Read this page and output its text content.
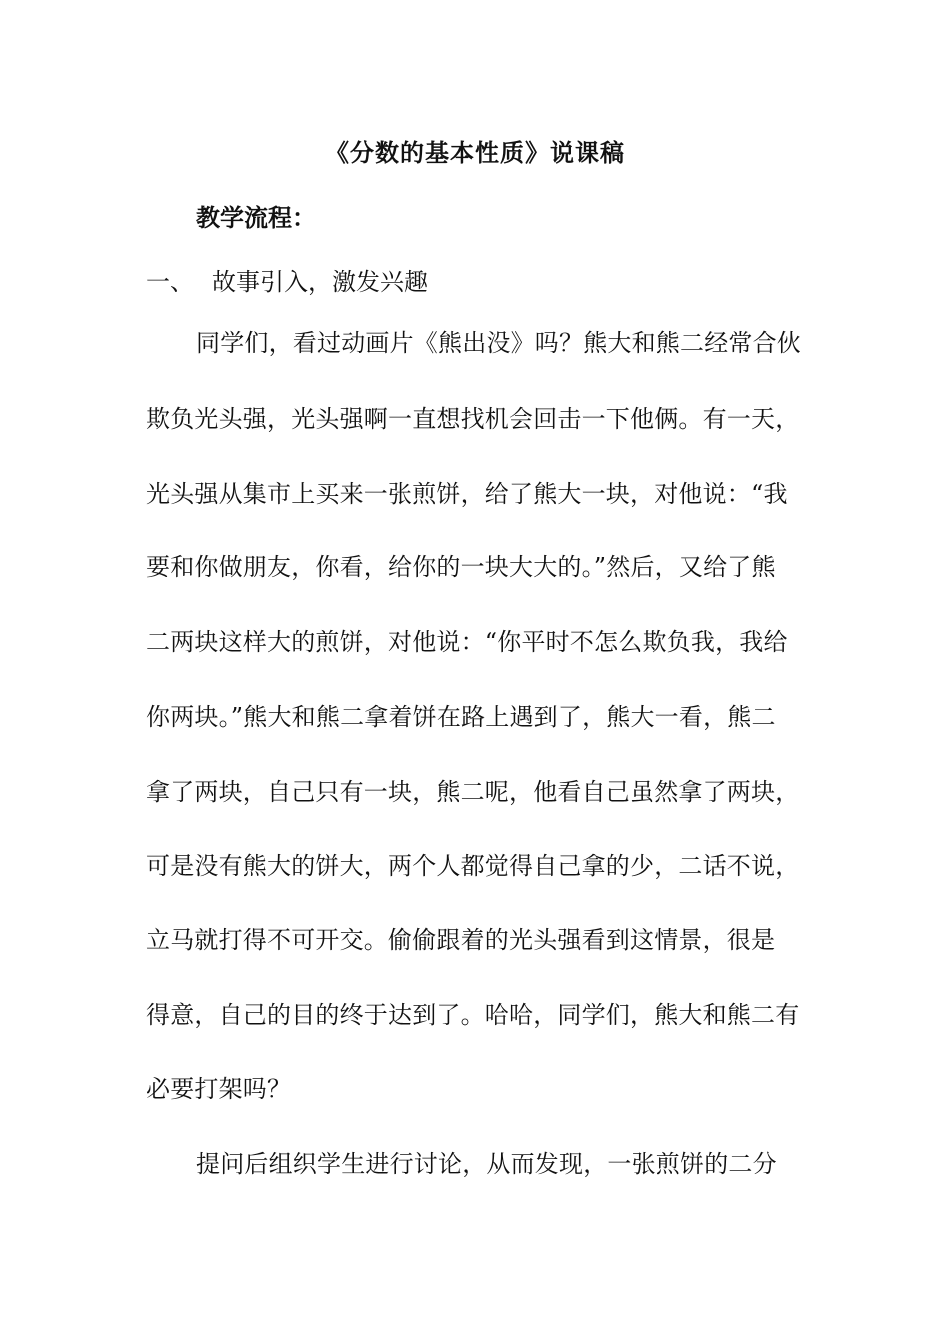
《分数的基本性质》说课稿
教学流程：
一、 故事引入，激发兴趣
同学们，看过动画片《熊出没》吗？熊大和熊二经常合伙
欺负光头强，光头强啊一直想找机会回击一下他俩。有一天，
光头强从集市上买来一张煎饼，给了熊大一块，对他说：“我
要和你做朋友，你看，给你的一块大大的。”然后，又给了熊
二两块这样大的煎饼，对他说：“你平时不怎么欺负我，我给
你两块。”熊大和熊二拿着饼在路上遇到了，熊大一看，熊二
拿了两块，自己只有一块，熊二呢，他看自己虽然拿了两块，
可是没有熊大的饼大，两个人都觉得自己拿的少，二话不说，
立马就打得不可开交。偷偷跟着的光头强看到这情景，很是
得意，自己的目的终于达到了。哈哈，同学们，熊大和熊二有
必要打架吗？
提问后组织学生进行讨论，从而发现，一张煎饼的二分
